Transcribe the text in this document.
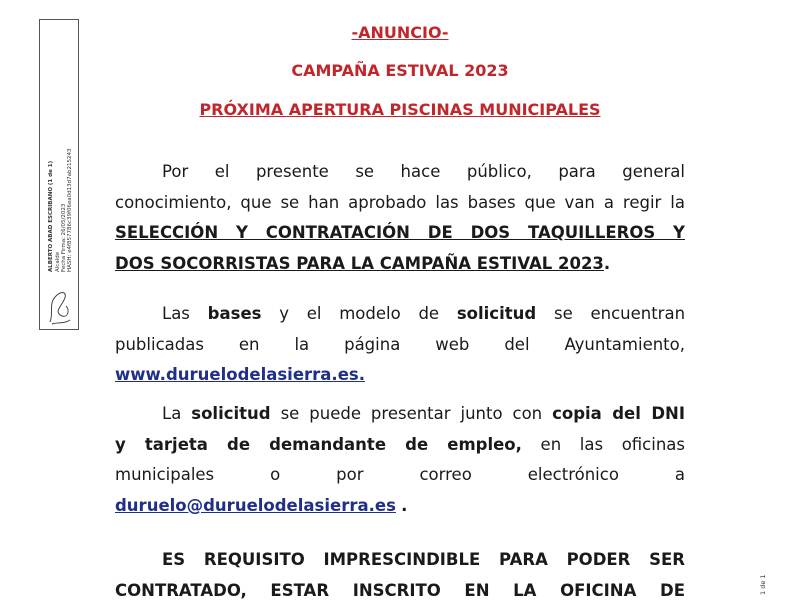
ALBERTO ABAD ESCRIBANO (1 de 1) Alcalde Fecha Firma: 26/05/2023 HASH: e4f857786c39f06ea0d13d7ab215243
1 de 1
-ANUNCIO-
CAMPAÑA ESTIVAL 2023
PRÓXIMA APERTURA PISCINAS MUNICIPALES
Por el presente se hace público, para general
conocimiento, que se han aprobado las bases que van a regir la
SELECCIÓN Y CONTRATACIÓN DE DOS TAQUILLEROS Y
DOS SOCORRISTAS PARA LA CAMPAÑA ESTIVAL 2023.
Las bases y el modelo de solicitud se encuentran
publicadas en la página web del Ayuntamiento,
www.duruelodelasierra.es.
La solicitud se puede presentar junto con copia del DNI
y tarjeta de demandante de empleo, en las oficinas
municipales o por correo electrónico a
duruelo@duruelodelasierra.es .
ES REQUISITO IMPRESCINDIBLE PARA PODER SER
CONTRATADO, ESTAR INSCRITO EN LA OFICINA DE
